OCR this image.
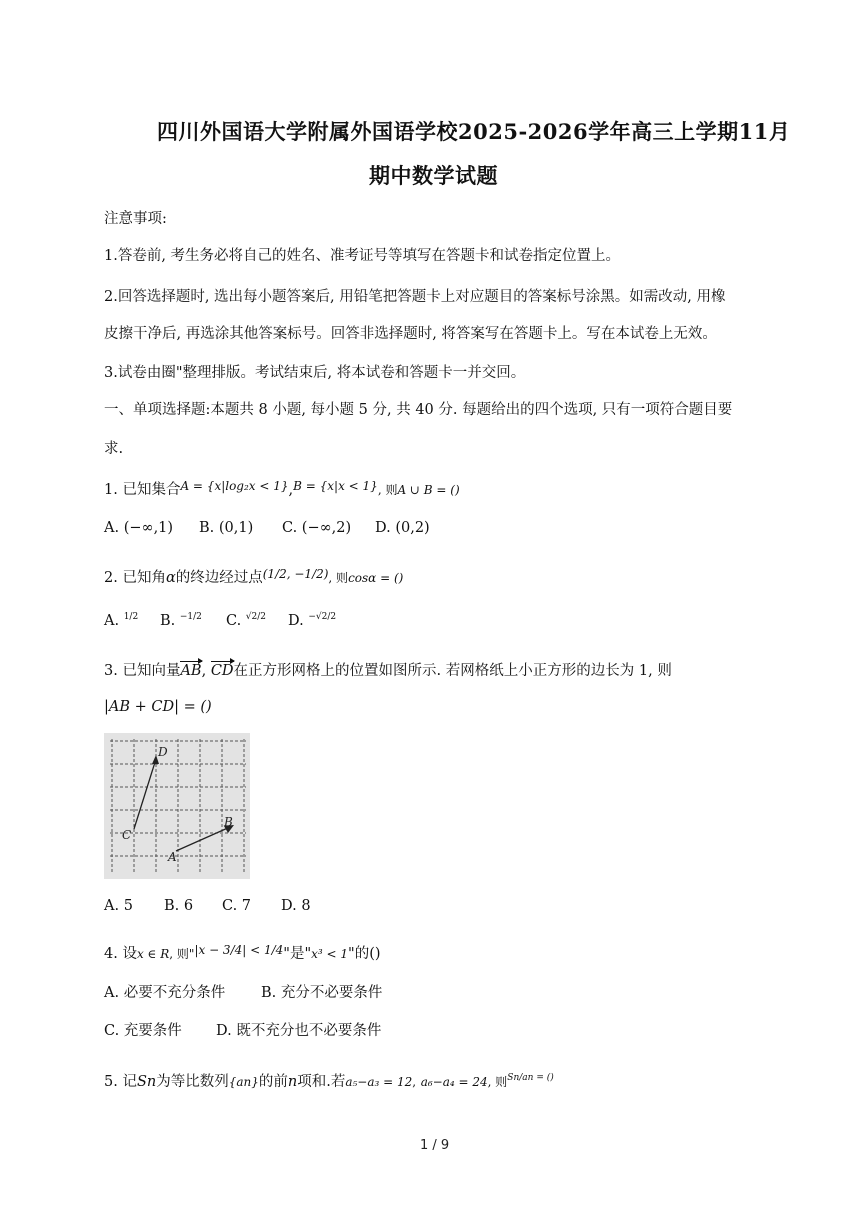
四川外国语大学附属外国语学校2025-2026学年高三上学期11月
期中数学试题
注意事项:
1.答卷前, 考生务必将自己的姓名、准考证号等填写在答题卡和试卷指定位置上。
2.回答选择题时, 选出每小题答案后, 用铅笔把答题卡上对应题目的答案标号涂黑。如需改动, 用橡
皮擦干净后, 再选涂其他答案标号。回答非选择题时, 将答案写在答题卡上。写在本试卷上无效。
3.试卷由圈"整理排版。考试结束后, 将本试卷和答题卡一并交回。
一、单项选择题:本题共 8 小题, 每小题 5 分, 共 40 分. 每题给出的四个选项, 只有一项符合题目要
求.
1. 已知集合$^{A = \{x|log_2x < 1\}}$,$^{B = \{x|x < 1\}}$, 则A ∪ B = ()
A. (−∞,1) B. (0,1) C. (−∞,2) D. (0,2)
2. 已知角α的终边经过点$^{(1/2, -1/2)}$, 则cosα = ()
A. $^{1/2}$ B. $^{-1/2}$ C. $^{√2/2}$ D. $^{-√2/2}$
3. 已知向量AB, CD在正方形网格上的位置如图所示. 若网格纸上小正方形的边长为 1, 则
|AB + CD| = ()
D
C
B
A
A. 5 B. 6 C. 7 D. 8
4. 设x ∈ R, 则"$^{|x - 3/4| < 1/4}$"是"x³ < 1"的()
A. 必要不充分条件 B. 充分不必要条件
C. 充要条件 D. 既不充分也不必要条件
5. 记Sn为等比数列{an}的前n项和.若a₅−a₃ = 12, a₆−a₄ = 24, 则$^{Sn/an = ()}$
1 / 9
